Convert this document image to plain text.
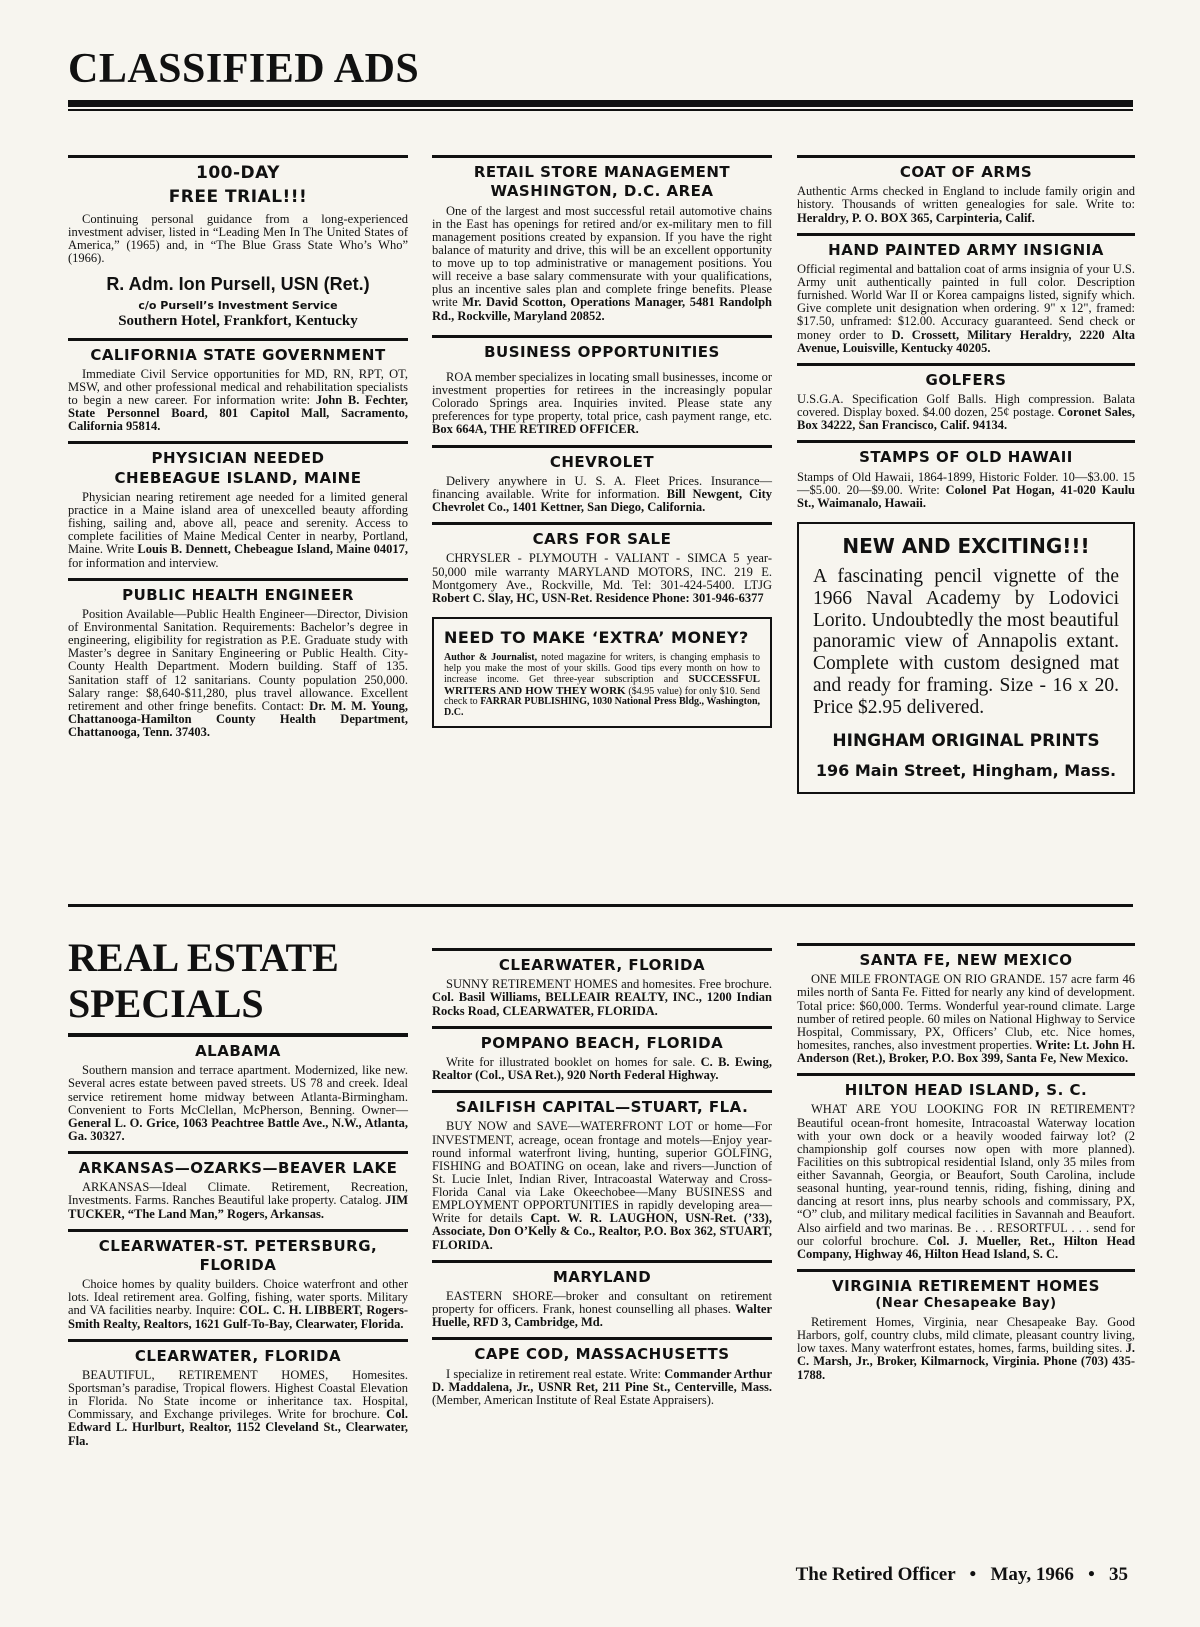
CLASSIFIED ADS
100-DAY
FREE TRIAL!!!

Continuing personal guidance from a long-experienced investment adviser, listed in “Leading Men In The United States of America,” (1965) and, in “The Blue Grass State Who’s Who” (1966).

R. Adm. Ion Pursell, USN (Ret.)
c/o Pursell’s Investment Service
Southern Hotel, Frankfort, Kentucky
CALIFORNIA STATE GOVERNMENT

Immediate Civil Service opportunities for MD, RN, RPT, OT, MSW, and other professional medical and rehabilitation specialists to begin a new career. For information write: John B. Fechter, State Personnel Board, 801 Capitol Mall, Sacramento, California 95814.

PHYSICIAN NEEDED
CHEBEAGUE ISLAND, MAINE

Physician nearing retirement age needed for a limited general practice in a Maine island area of unexcelled beauty affording fishing, sailing and, above all, peace and serenity. Access to complete facilities of Maine Medical Center in nearby, Portland, Maine. Write Louis B. Dennett, Chebeague Island, Maine 04017, for information and interview.

PUBLIC HEALTH ENGINEER

Position Available—Public Health Engineer—Director, Division of Environmental Sanitation. Requirements: Bachelor’s degree in engineering, eligibility for registration as P.E. Graduate study with Master’s degree in Sanitary Engineering or Public Health. City-County Health Department. Modern building. Staff of 135. Sanitation staff of 12 sanitarians. County population 250,000. Salary range: $8,640-$11,280, plus travel allowance. Excellent retirement and other fringe benefits. Contact: Dr. M. M. Young, Chattanooga-Hamilton County Health Department, Chattanooga, Tenn. 37403.

RETAIL STORE MANAGEMENT
WASHINGTON, D.C. AREA

One of the largest and most successful retail automotive chains in the East has openings for retired and/or ex-military men to fill management positions created by expansion. If you have the right balance of maturity and drive, this will be an excellent opportunity to move up to top administrative or management positions. You will receive a base salary commensurate with your qualifications, plus an incentive sales plan and complete fringe benefits. Please write Mr. David Scotton, Operations Manager, 5481 Randolph Rd., Rockville, Maryland 20852.

BUSINESS OPPORTUNITIES

ROA member specializes in locating small businesses, income or investment properties for retirees in the increasingly popular Colorado Springs area. Inquiries invited. Please state any preferences for type property, total price, cash payment range, etc. Box 664A, THE RETIRED OFFICER.

CHEVROLET

Delivery anywhere in U. S. A. Fleet Prices. Insurance—financing available. Write for information. Bill Newgent, City Chevrolet Co., 1401 Kettner, San Diego, California.

CARS FOR SALE

CHRYSLER - PLYMOUTH - VALIANT - SIMCA 5 year-50,000 mile warranty MARYLAND MOTORS, INC. 219 E. Montgomery Ave., Rockville, Md. Tel: 301-424-5400. LTJG Robert C. Slay, HC, USN-Ret. Residence Phone: 301-946-6377

NEED TO MAKE ‘EXTRA’ MONEY?

Author & Journalist, noted magazine for writers, is changing emphasis to help you make the most of your skills. Good tips every month on how to increase income. Get three-year subscription and SUCCESSFUL WRITERS AND HOW THEY WORK ($4.95 value) for only $10. Send check to FARRAR PUBLISHING, 1030 National Press Bldg., Washington, D.C.

COAT OF ARMS

Authentic Arms checked in England to include family origin and history. Thousands of written genealogies for sale. Write to: Heraldry, P. O. BOX 365, Carpinteria, Calif.

HAND PAINTED ARMY INSIGNIA

Official regimental and battalion coat of arms insignia of your U.S. Army unit authentically painted in full color. Description furnished. World War II or Korea campaigns listed, signify which. Give complete unit designation when ordering. 9" x 12", framed: $17.50, unframed: $12.00. Accuracy guaranteed. Send check or money order to D. Crossett, Military Heraldry, 2220 Alta Avenue, Louisville, Kentucky 40205.

GOLFERS

U.S.G.A. Specification Golf Balls. High compression. Balata covered. Display boxed. $4.00 dozen, 25¢ postage. Coronet Sales, Box 34222, San Francisco, Calif. 94134.

STAMPS OF OLD HAWAII

Stamps of Old Hawaii, 1864-1899, Historic Folder. 10—$3.00. 15—$5.00. 20—$9.00. Write: Colonel Pat Hogan, 41-020 Kaulu St., Waimanalo, Hawaii.

NEW AND EXCITING!!!

A fascinating pencil vignette of the 1966 Naval Academy by Lodovici Lorito. Undoubtedly the most beautiful panoramic view of Annapolis extant. Complete with custom designed mat and ready for framing. Size - 16 x 20. Price $2.95 delivered.

HINGHAM ORIGINAL PRINTS
196 Main Street, Hingham, Mass.
REAL ESTATE
SPECIALS
ALABAMA

Southern mansion and terrace apartment. Modernized, like new. Several acres estate between paved streets. US 78 and creek. Ideal service retirement home midway between Atlanta-Birmingham. Convenient to Forts McClellan, McPherson, Benning. Owner—General L. O. Grice, 1063 Peachtree Battle Ave., N.W., Atlanta, Ga. 30327.

ARKANSAS—OZARKS—BEAVER LAKE

ARKANSAS—Ideal Climate. Retirement, Recreation, Investments. Farms. Ranches Beautiful lake property. Catalog. JIM TUCKER, “The Land Man,” Rogers, Arkansas.

CLEARWATER-ST. PETERSBURG,
FLORIDA

Choice homes by quality builders. Choice waterfront and other lots. Ideal retirement area. Golfing, fishing, water sports. Military and VA facilities nearby. Inquire: COL. C. H. LIBBERT, Rogers-Smith Realty, Realtors, 1621 Gulf-To-Bay, Clearwater, Florida.

CLEARWATER, FLORIDA

BEAUTIFUL, RETIREMENT HOMES, Homesites. Sportsman’s paradise, Tropical flowers. Highest Coastal Elevation in Florida. No State income or inheritance tax. Hospital, Commissary, and Exchange privileges. Write for brochure. Col. Edward L. Hurlburt, Realtor, 1152 Cleveland St., Clearwater, Fla.

CLEARWATER, FLORIDA

SUNNY RETIREMENT HOMES and homesites. Free brochure. Col. Basil Williams, BELLEAIR REALTY, INC., 1200 Indian Rocks Road, CLEARWATER, FLORIDA.

POMPANO BEACH, FLORIDA

Write for illustrated booklet on homes for sale. C. B. Ewing, Realtor (Col., USA Ret.), 920 North Federal Highway.

SAILFISH CAPITAL—STUART, FLA.

BUY NOW and SAVE—WATERFRONT LOT or home—For INVESTMENT, acreage, ocean frontage and motels—Enjoy year-round informal waterfront living, hunting, superior GOLFING, FISHING and BOATING on ocean, lake and rivers—Junction of St. Lucie Inlet, Indian River, Intracoastal Waterway and Cross-Florida Canal via Lake Okeechobee—Many BUSINESS and EMPLOYMENT OPPORTUNITIES in rapidly developing area—Write for details Capt. W. R. LAUGHON, USN-Ret. (’33), Associate, Don O’Kelly & Co., Realtor, P.O. Box 362, STUART, FLORIDA.

MARYLAND

EASTERN SHORE—broker and consultant on retirement property for officers. Frank, honest counselling all phases. Walter Huelle, RFD 3, Cambridge, Md.

CAPE COD, MASSACHUSETTS

I specialize in retirement real estate. Write: Commander Arthur D. Maddalena, Jr., USNR Ret, 211 Pine St., Centerville, Mass. (Member, American Institute of Real Estate Appraisers).

SANTA FE, NEW MEXICO

ONE MILE FRONTAGE ON RIO GRANDE. 157 acre farm 46 miles north of Santa Fe. Fitted for nearly any kind of development. Total price: $60,000. Terms. Wonderful year-round climate. Large number of retired people. 60 miles on National Highway to Service Hospital, Commissary, PX, Officers’ Club, etc. Nice homes, homesites, ranches, also investment properties. Write: Lt. John H. Anderson (Ret.), Broker, P.O. Box 399, Santa Fe, New Mexico.

HILTON HEAD ISLAND, S. C.

WHAT ARE YOU LOOKING FOR IN RETIREMENT? Beautiful ocean-front homesite, Intracoastal Waterway location with your own dock or a heavily wooded fairway lot? (2 championship golf courses now open with more planned). Facilities on this subtropical residential Island, only 35 miles from either Savannah, Georgia, or Beaufort, South Carolina, include seasonal hunting, year-round tennis, riding, fishing, dining and dancing at resort inns, plus nearby schools and commissary, PX, “O” club, and military medical facilities in Savannah and Beaufort. Also airfield and two marinas. Be . . . RESORTFUL . . . send for our colorful brochure. Col. J. Mueller, Ret., Hilton Head Company, Highway 46, Hilton Head Island, S. C.

VIRGINIA RETIREMENT HOMES
(Near Chesapeake Bay)

Retirement Homes, Virginia, near Chesapeake Bay. Good Harbors, golf, country clubs, mild climate, pleasant country living, low taxes. Many waterfront estates, homes, farms, building sites. J. C. Marsh, Jr., Broker, Kilmarnock, Virginia. Phone (703) 435-1788.

The Retired Officer • May, 1966 • 35
